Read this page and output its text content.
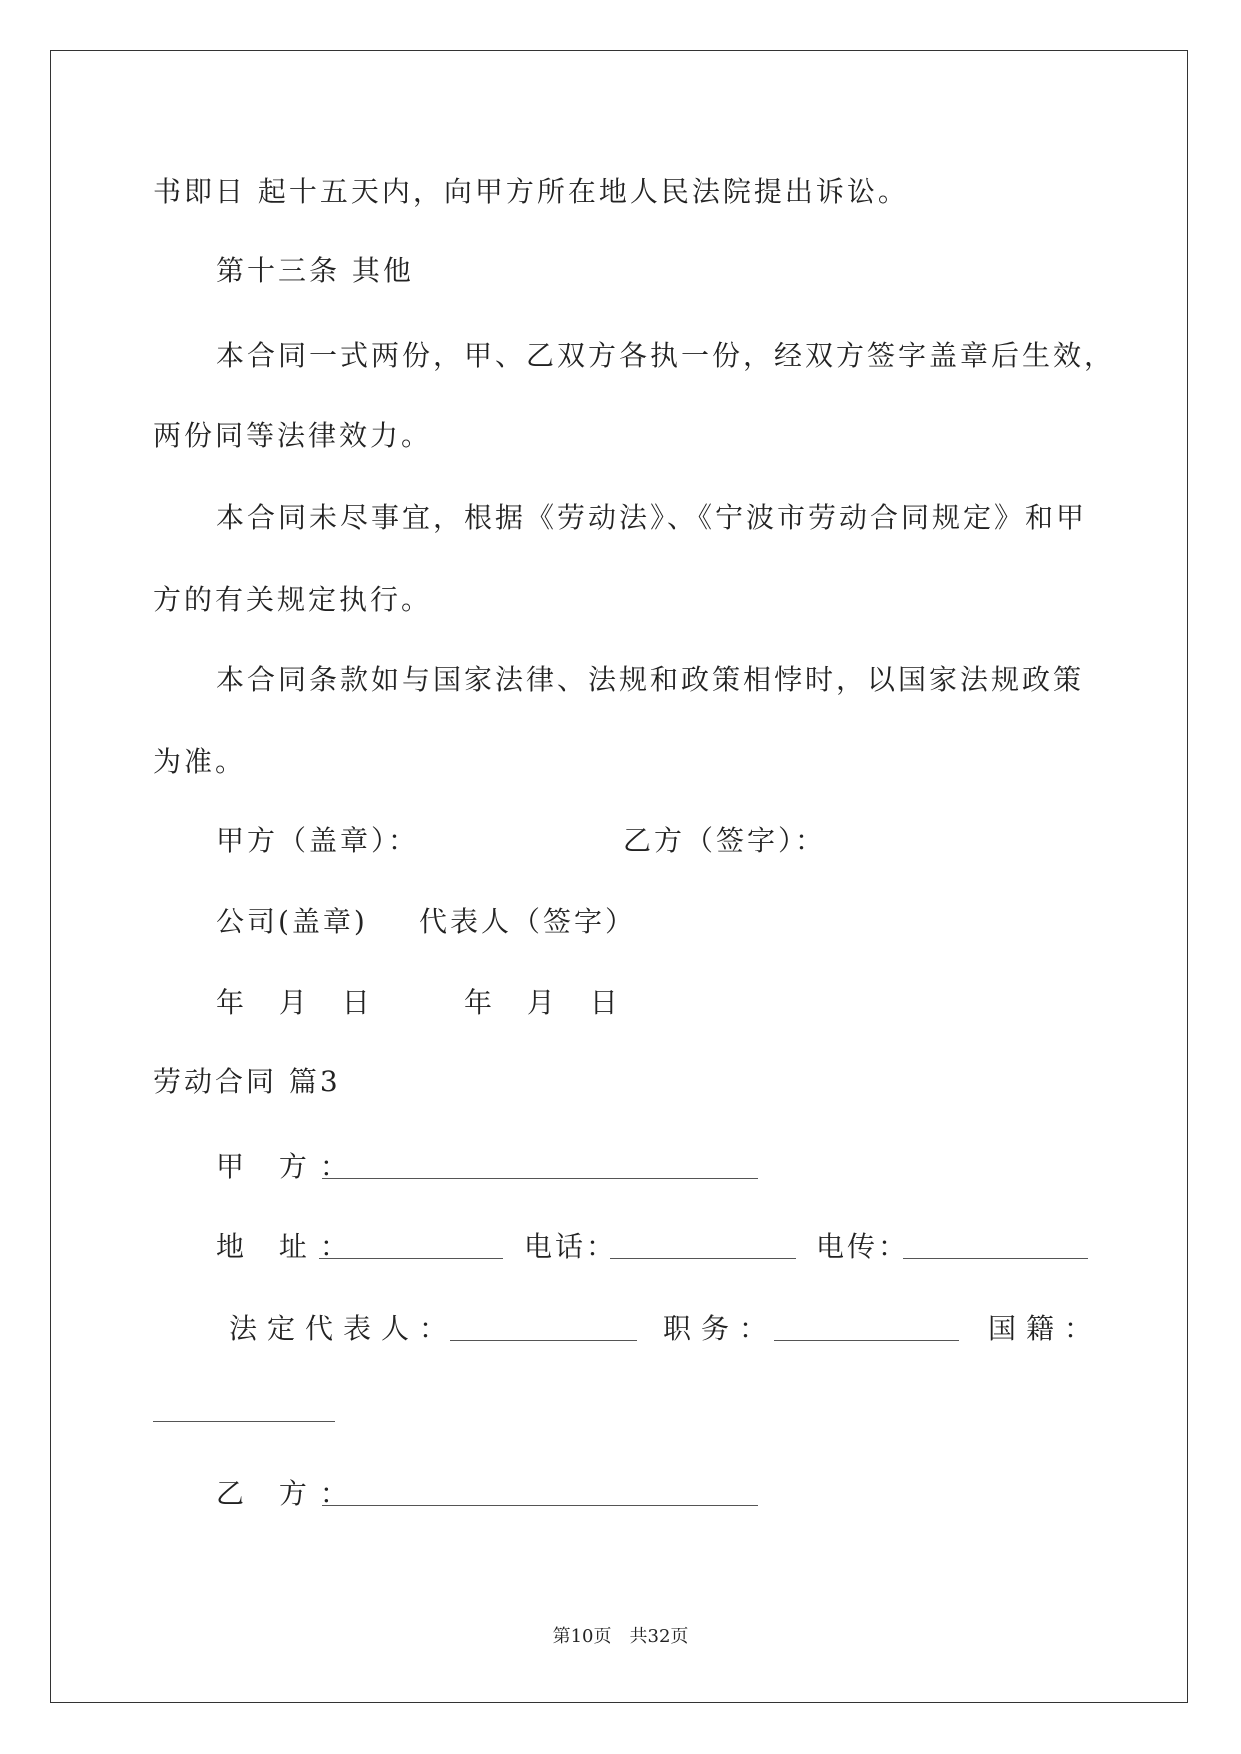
书即日 起十五天内，向甲方所在地人民法院提出诉讼。
第十三条 其他
本合同一式两份，甲、乙双方各执一份，经双方签字盖章后生效，
两份同等法律效力。
本合同未尽事宜，根据《劳动法》、《宁波市劳动合同规定》和甲
方的有关规定执行。
本合同条款如与国家法律、法规和政策相悖时，以国家法规政策
为准。
甲方（盖章）：	乙方（签字）：
公司(盖章) 代表人（签字）
年 月 日	年 月 日
劳动合同 篇3
甲 方：
地 址：	电话：	电传：
法定代表人：	职务：	国籍：
乙 方：
第10页　共32页
